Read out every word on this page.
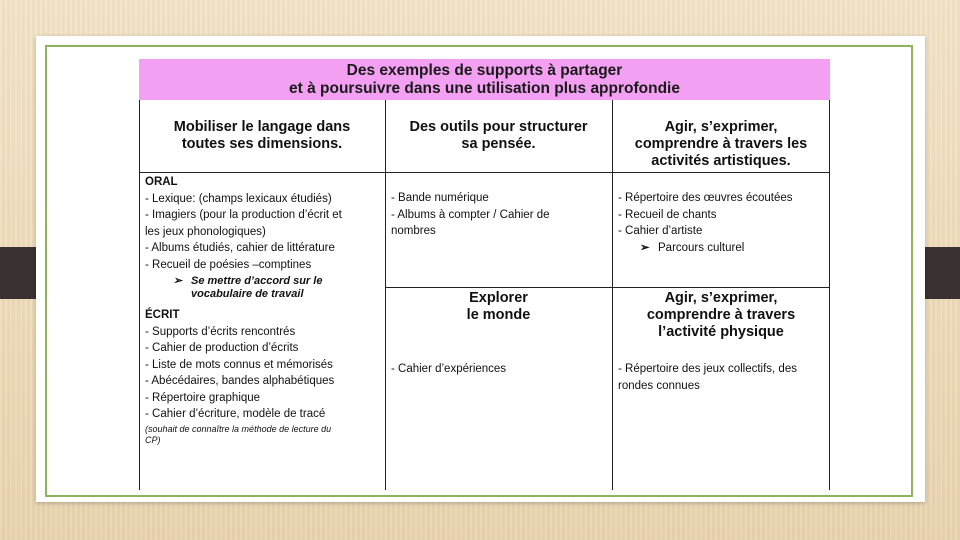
Des exemples de supports à partager
et à poursuivre dans une utilisation plus approfondie
Mobiliser le langage dans
toutes ses dimensions.
Des outils pour structurer
sa pensée.
Agir, s’exprimer,
comprendre à travers les
activités artistiques.
Explorer
le monde
Agir, s’exprimer,
comprendre à travers
l’activité physique
ORAL
- Lexique: (champs lexicaux étudiés)
- Imagiers (pour la production d’écrit et
les jeux phonologiques)
- Albums étudiés, cahier de littérature
- Recueil de poésies –comptines
➢ Se mettre d’accord sur le
vocabulaire de travail
ÉCRIT
- Supports d’écrits rencontrés
- Cahier de production d’écrits
- Liste de mots connus et mémorisés
- Abécédaires, bandes alphabétiques
- Répertoire graphique
- Cahier d’écriture, modèle de tracé
(souhait de connaître la méthode de lecture du
CP)
- Bande numérique
- Albums à compter / Cahier de
nombres
- Cahier d’expériences
- Répertoire des œuvres écoutées
- Recueil de chants
- Cahier d’artiste
➢ Parcours culturel
- Répertoire des jeux collectifs, des
rondes connues
